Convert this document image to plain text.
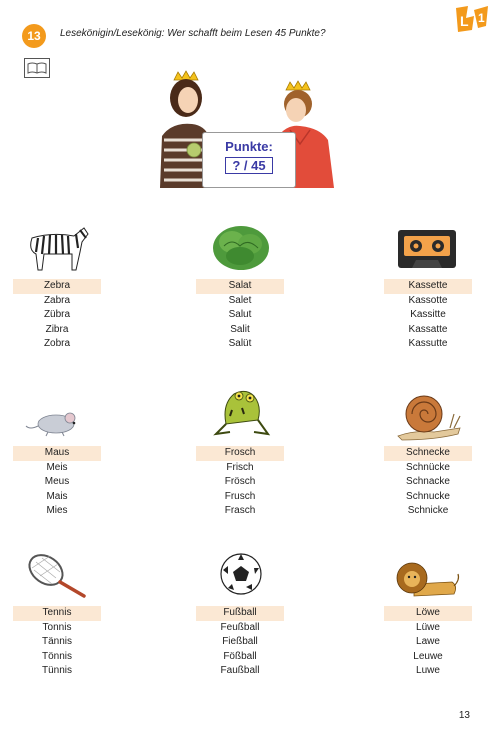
13	Lesekönigin/Lesekönig: Wer schafft beim Lesen 45 Punkte?
L 1
Punkte:
? / 45
Zebra
Zabra
Zübra
Zibra
Zobra
Salat
Salet
Salut
Salit
Salüt
Kassette
Kassotte
Kassitte
Kassatte
Kassutte
Maus
Meis
Meus
Mais
Mies
Frosch
Frisch
Frösch
Frusch
Frasch
Schnecke
Schnücke
Schnacke
Schnucke
Schnicke
Tennis
Tonnis
Tännis
Tönnis
Tünnis
Fußball
Feußball
Fießball
Fößball
Faußball
Löwe
Lüwe
Lawe
Leuwe
Luwe
13
